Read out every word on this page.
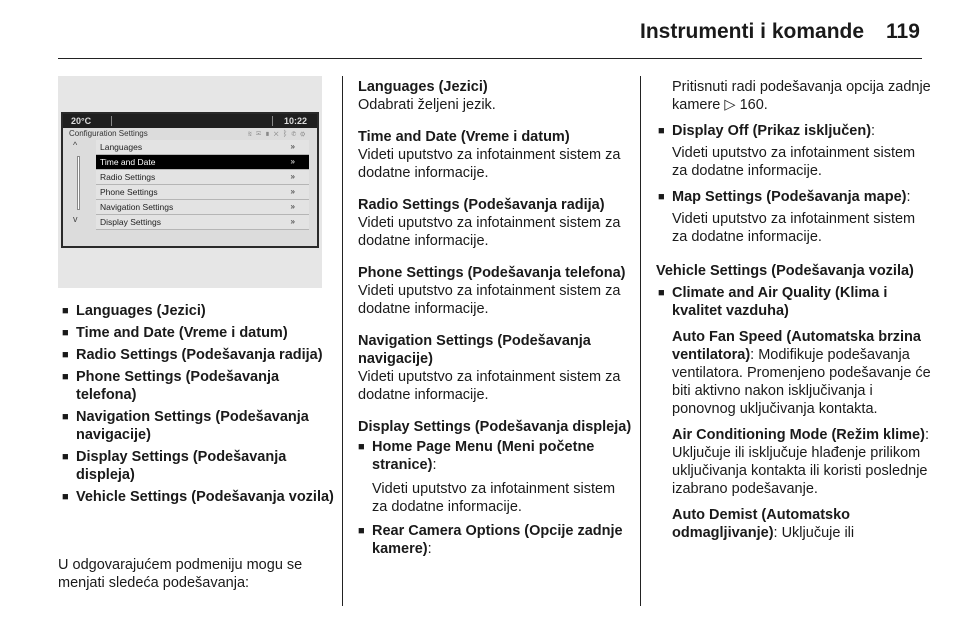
Instrumenti i komande 119
20°C	10:22
Configuration Settings	≋✉▮✕ᛒ✆⚙
^
v
Languages	»
Time and Date	»
Radio Settings	»
Phone Settings	»
Navigation Settings	»
Display Settings	»
■ Languages (Jezici)
■ Time and Date (Vreme i datum)
■ Radio Settings (Podešavanja radija)
■ Phone Settings (Podešavanja telefona)
■ Navigation Settings (Podešavanja navigacije)
■ Display Settings (Podešavanja displeja)
■ Vehicle Settings (Podešavanja vozila)
U odgovarajućem podmeniju mogu se menjati sledeća podešavanja:
Languages (Jezici)
Odabrati željeni jezik.
Time and Date (Vreme i datum)
Videti uputstvo za infotainment sistem za dodatne informacije.
Radio Settings (Podešavanja radija)
Videti uputstvo za infotainment sistem za dodatne informacije.
Phone Settings (Podešavanja telefona)
Videti uputstvo za infotainment sistem za dodatne informacije.
Navigation Settings (Podešavanja navigacije)
Videti uputstvo za infotainment sistem za dodatne informacije.
Display Settings (Podešavanja displeja)
Home Page Menu (Meni početne stranice):
Videti uputstvo za infotainment sistem za dodatne informacije.
Rear Camera Options (Opcije zadnje kamere):
Pritisnuti radi podešavanja opcija zadnje kamere ▷ 160.
Display Off (Prikaz isključen):
Videti uputstvo za infotainment sistem za dodatne informacije.
Map Settings (Podešavanja mape):
Videti uputstvo za infotainment sistem za dodatne informacije.
Vehicle Settings (Podešavanja vozila)
Climate and Air Quality (Klima i kvalitet vazduha)
Auto Fan Speed (Automatska brzina ventilatora): Modifikuje podešavanja ventilatora. Promenjeno podešavanje će biti aktivno nakon isključivanja i ponovnog uključivanja kontakta.
Air Conditioning Mode (Režim klime): Uključuje ili isključuje hlađenje prilikom uključivanja kontakta ili koristi poslednje izabrano podešavanje.
Auto Demist (Automatsko odmagljivanje): Uključuje ili
